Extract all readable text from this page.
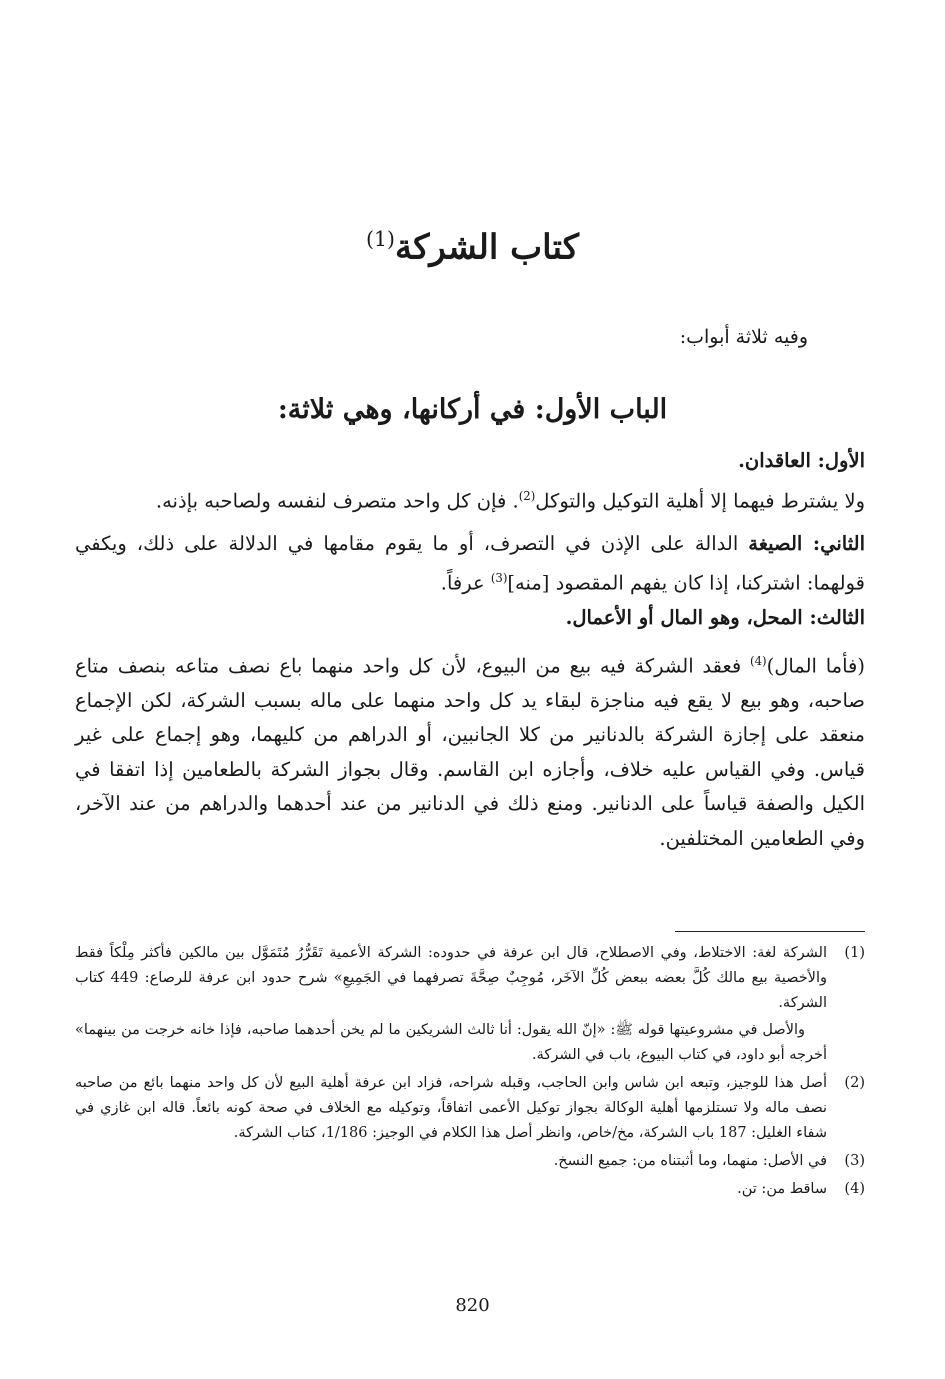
كتاب الشركة$^{(1)}$
وفيه ثلاثة أبواب:
الباب الأول: في أركانها، وهي ثلاثة:

الأول: العاقدان.

ولا يشترط فيهما إلا أهلية التوكيل والتوكل$^{(2)}$. فإن كل واحد متصرف لنفسه ولصاحبه بإذنه.

الثاني: الصيغة الدالة على الإذن في التصرف، أو ما يقوم مقامها في الدلالة على ذلك، ويكفي قولهما: اشتركنا، إذا كان يفهم المقصود [منه]$^{(3)}$ عرفاً.

الثالث: المحل، وهو المال أو الأعمال.

(فأما المال)$^{(4)}$ فعقد الشركة فيه بيع من البيوع، لأن كل واحد منهما باع نصف متاعه بنصف متاع صاحبه، وهو بيع لا يقع فيه مناجزة لبقاء يد كل واحد منهما على ماله بسبب الشركة، لكن الإجماع منعقد على إجازة الشركة بالدنانير من كلا الجانبين، أو الدراهم من كليهما، وهو إجماع على غير قياس. وفي القياس عليه خلاف، وأجازه ابن القاسم. وقال بجواز الشركة بالطعامين إذا اتفقا في الكيل والصفة قياساً على الدنانير. ومنع ذلك في الدنانير من عند أحدهما والدراهم من عند الآخر، وفي الطعامين المختلفين.

(1)

الشركة لغة: الاختلاط، وفي الاصطلاح، قال ابن عرفة في حدوده: الشركة الأعمية تَقَرُّرُ مُتَمَوَّل بين مالكين فأكثر مِلْكاً فقط والأخصية بيع مالك كُلَّ بعضه ببعض كُلِّ الآخَر، مُوجِبٌ صِحَّةَ تصرفهما في الجَمِيعِ» شرح حدود ابن عرفة للرصاع: 449 كتاب الشركة.

والأصل في مشروعيتها قوله ﷺ: «إنّ الله يقول: أنا ثالث الشريكين ما لم يخن أحدهما صاحبه، فإذا خانه خرجت من بينهما» أخرجه أبو داود، في كتاب البيوع، باب في الشركة.

(2)

أصل هذا للوجيز، وتبعه ابن شاس وابن الحاجب، وقبله شراحه، فزاد ابن عرفة أهلية البيع لأن كل واحد منهما بائع من صاحبه نصف ماله ولا تستلزمها أهلية الوكالة بجواز توكيل الأعمى اتفاقاً، وتوكيله مع الخلاف في صحة كونه بائعاً. قاله ابن غازي في شفاء الغليل: 187 باب الشركة، مخ/خاص، وانظر أصل هذا الكلام في الوجيز: 1/186، كتاب الشركة.

(3)

في الأصل: منهما، وما أثبتناه من: جميع النسخ.

(4)

ساقط من: تن.

820
